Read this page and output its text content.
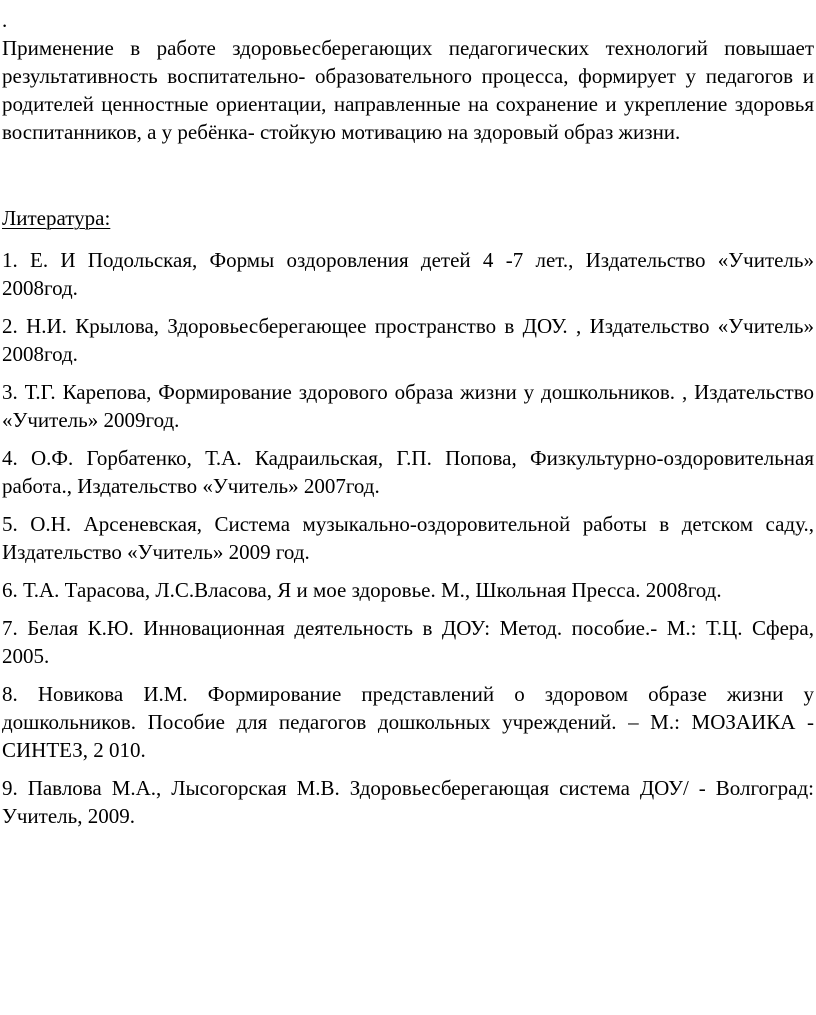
.

Применение в работе здоровьесберегающих педагогических технологий повышает результативность воспитательно- образовательного процесса, формирует у педагогов и родителей ценностные ориентации, направленные на сохранение и укрепление здоровья воспитанников, а у ребёнка- стойкую мотивацию на здоровый образ жизни.

Литература:

1. Е. И Подольская, Формы оздоровления детей 4 -7 лет., Издательство «Учитель» 2008год.
2. Н.И. Крылова, Здоровьесберегающее пространство в ДОУ. , Издательство «Учитель» 2008год.
3. Т.Г. Карепова, Формирование здорового образа жизни у дошкольников. , Издательство «Учитель» 2009год.
4. О.Ф. Горбатенко, Т.А. Кадраильская, Г.П. Попова, Физкультурно-оздоровительная работа., Издательство «Учитель» 2007год.
5. О.Н. Арсеневская, Система музыкально-оздоровительной работы в детском саду., Издательство «Учитель» 2009 год.
6. Т.А. Тарасова, Л.С.Власова, Я и мое здоровье. М., Школьная Пресса. 2008год.
7. Белая К.Ю. Инновационная деятельность в ДОУ: Метод. пособие.- М.: Т.Ц. Сфера, 2005.
8. Новикова И.М. Формирование представлений о здоровом образе жизни у дошкольников. Пособие для педагогов дошкольных учреждений. – М.: МОЗАИКА - СИНТЕЗ, 2 010.
9. Павлова М.А., Лысогорская М.В. Здоровьесберегающая система ДОУ/ - Волгоград: Учитель, 2009.
